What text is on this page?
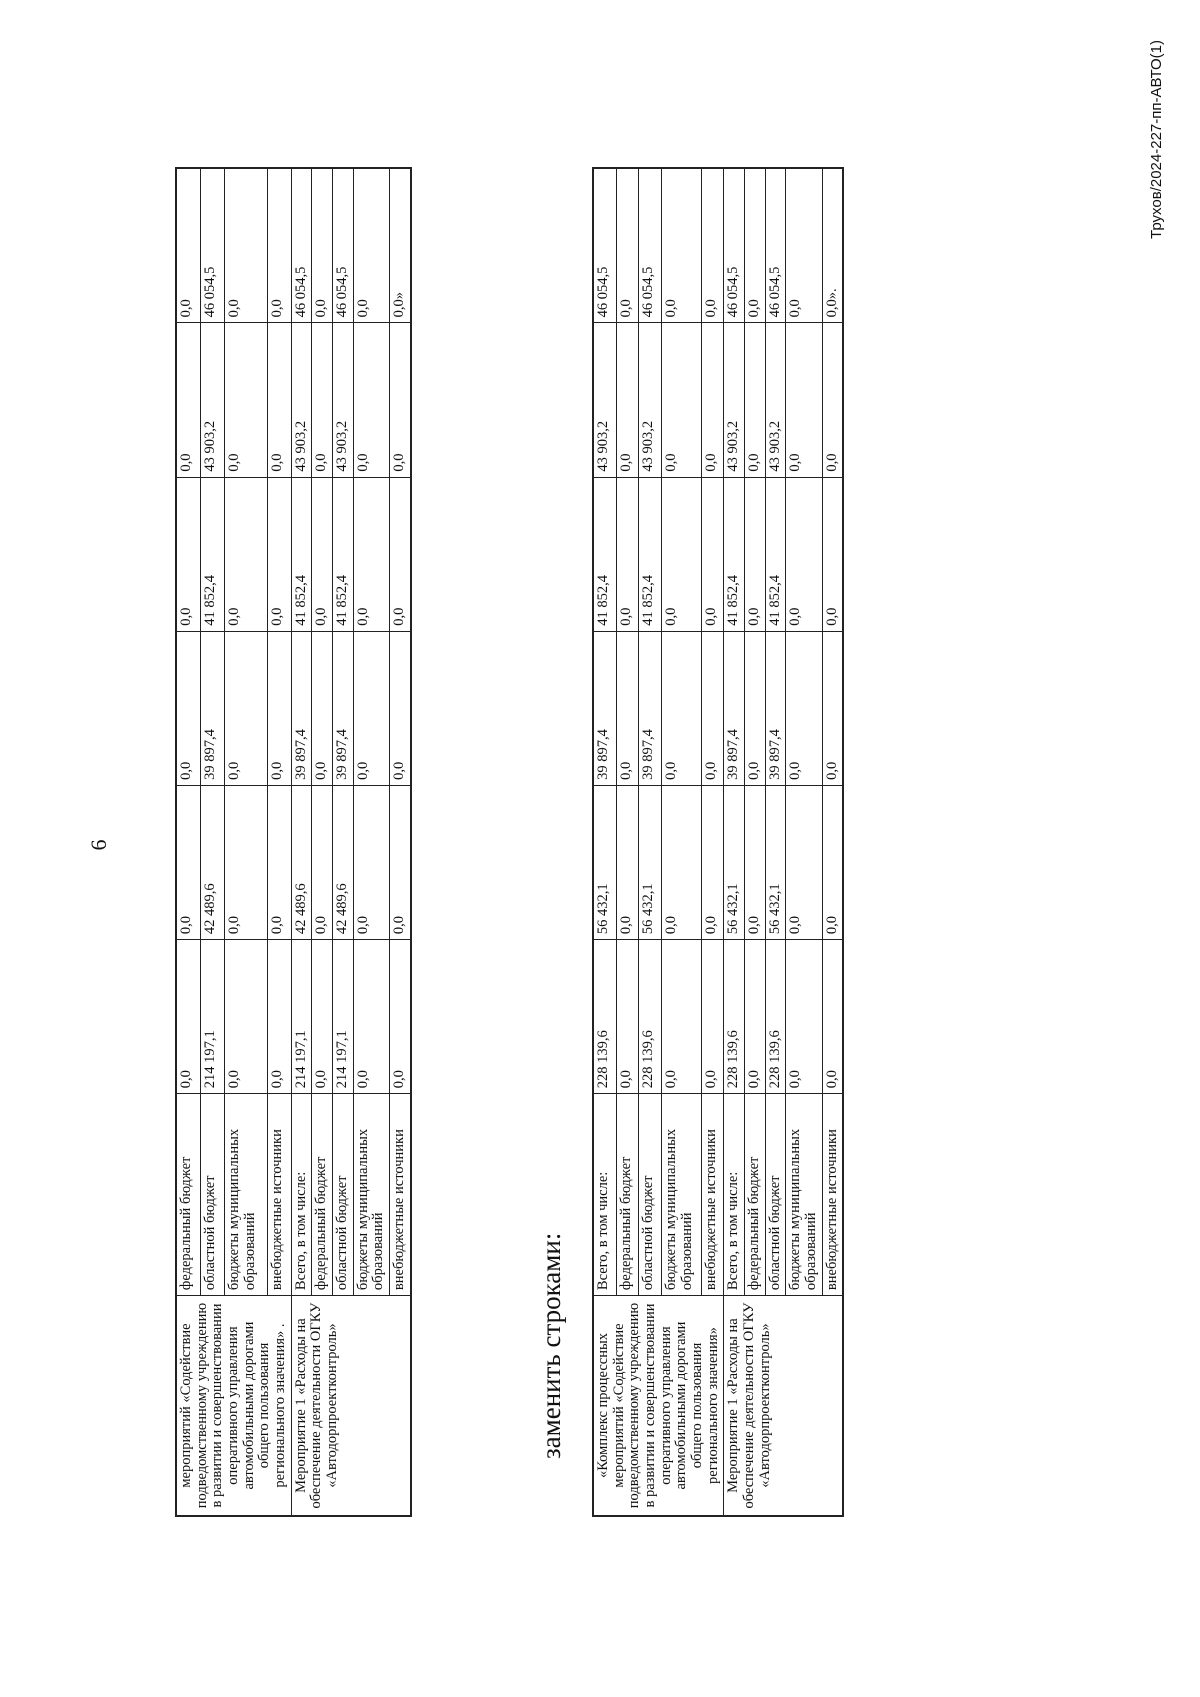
6
мероприятий «Содействие подведомственному учреждению в развитии и совершенствовании оперативного управления автомобильными дорогами общего пользования регионального значения» .	федеральный бюджет	0,0	0,0	0,0	0,0	0,0	0,0
	областной бюджет	214 197,1	42 489,6	39 897,4	41 852,4	43 903,2	46 054,5
	бюджеты муниципальных образований	0,0	0,0	0,0	0,0	0,0	0,0
	внебюджетные источники	0,0	0,0	0,0	0,0	0,0	0,0
Мероприятие 1 «Расходы на обеспечение деятельности ОГКУ «Автодорпроектконтроль»	Всего, в том числе:	214 197,1	42 489,6	39 897,4	41 852,4	43 903,2	46 054,5
	федеральный бюджет	0,0	0,0	0,0	0,0	0,0	0,0
	областной бюджет	214 197,1	42 489,6	39 897,4	41 852,4	43 903,2	46 054,5
	бюджеты муниципальных образований	0,0	0,0	0,0	0,0	0,0	0,0
	внебюджетные источники	0,0	0,0	0,0	0,0	0,0	0,0»
заменить строками: «Комплекс процессных мероприятий «Содействие подведомственному учреждению в развитии и совершенствовании оперативного управления автомобильными дорогами общего пользования регионального значения»	Всего, в том числе:	228 139,6	56 432,1	39 897,4	41 852,4	43 903,2	46 054,5
	федеральный бюджет	0,0	0,0	0,0	0,0	0,0	0,0
	областной бюджет	228 139,6	56 432,1	39 897,4	41 852,4	43 903,2	46 054,5
	бюджеты муниципальных образований	0,0	0,0	0,0	0,0	0,0	0,0
	внебюджетные источники	0,0	0,0	0,0	0,0	0,0	0,0
Мероприятие 1 «Расходы на обеспечение деятельности ОГКУ «Автодорпроектконтроль»	Всего, в том числе:	228 139,6	56 432,1	39 897,4	41 852,4	43 903,2	46 054,5
	федеральный бюджет	0,0	0,0	0,0	0,0	0,0	0,0
	областной бюджет	228 139,6	56 432,1	39 897,4	41 852,4	43 903,2	46 054,5
	бюджеты муниципальных образований	0,0	0,0	0,0	0,0	0,0	0,0
	внебюджетные источники	0,0	0,0	0,0	0,0	0,0	0,0».
Трухов/2024-227-пп-АВТО(1)
